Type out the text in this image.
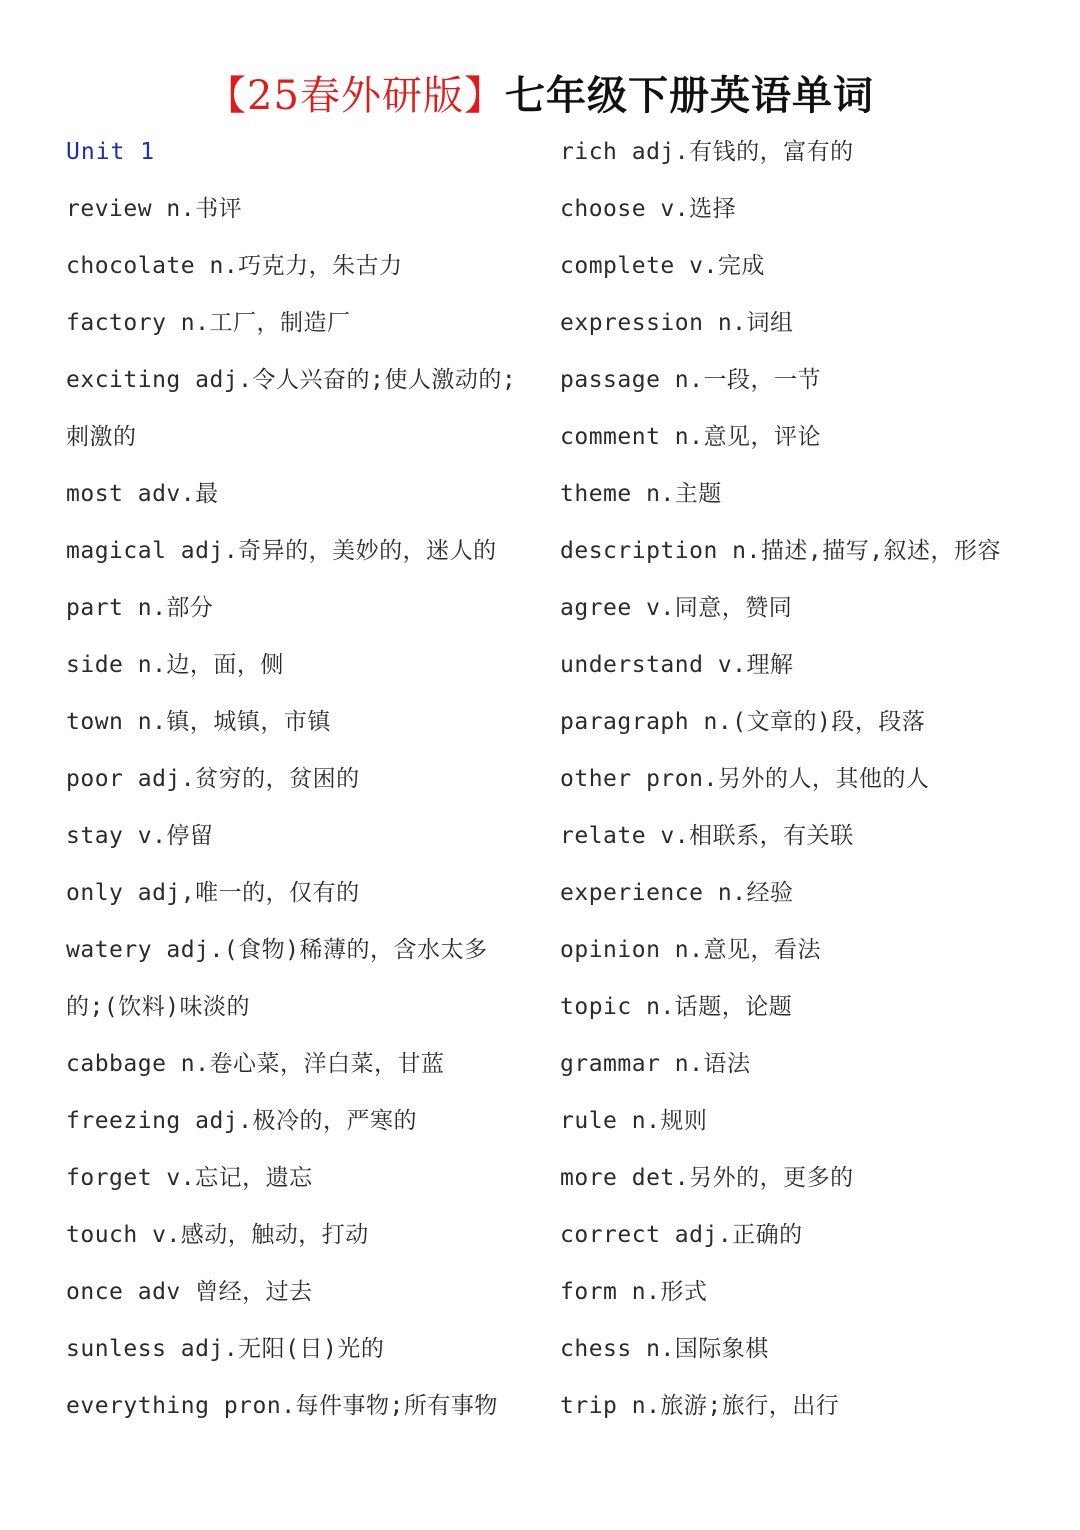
【25春外研版】七年级下册英语单词
Unit 1
review n.书评
chocolate n.巧克力，朱古力
factory n.工厂，制造厂
exciting adj.令人兴奋的;使人激动的;
刺激的
most adv.最
magical adj.奇异的，美妙的，迷人的
part n.部分
side n.边，面，侧
town n.镇，城镇，市镇
poor adj.贫穷的，贫困的
stay v.停留
only adj,唯一的，仅有的
watery adj.(食物)稀薄的，含水太多
的;(饮料)味淡的
cabbage n.卷心菜，洋白菜，甘蓝
freezing adj.极冷的，严寒的
forget v.忘记，遗忘
touch v.感动，触动，打动
once adv 曾经，过去
sunless adj.无阳(日)光的
everything pron.每件事物;所有事物
rich adj.有钱的，富有的
choose v.选择
complete v.完成
expression n.词组
passage n.一段，一节
comment n.意见，评论
theme n.主题
description n.描述,描写,叙述，形容
agree v.同意，赞同
understand v.理解
paragraph n.(文章的)段，段落
other pron.另外的人，其他的人
relate v.相联系，有关联
experience n.经验
opinion n.意见，看法
topic n.话题，论题
grammar n.语法
rule n.规则
more det.另外的，更多的
correct adj.正确的
form n.形式
chess n.国际象棋
trip n.旅游;旅行，出行
